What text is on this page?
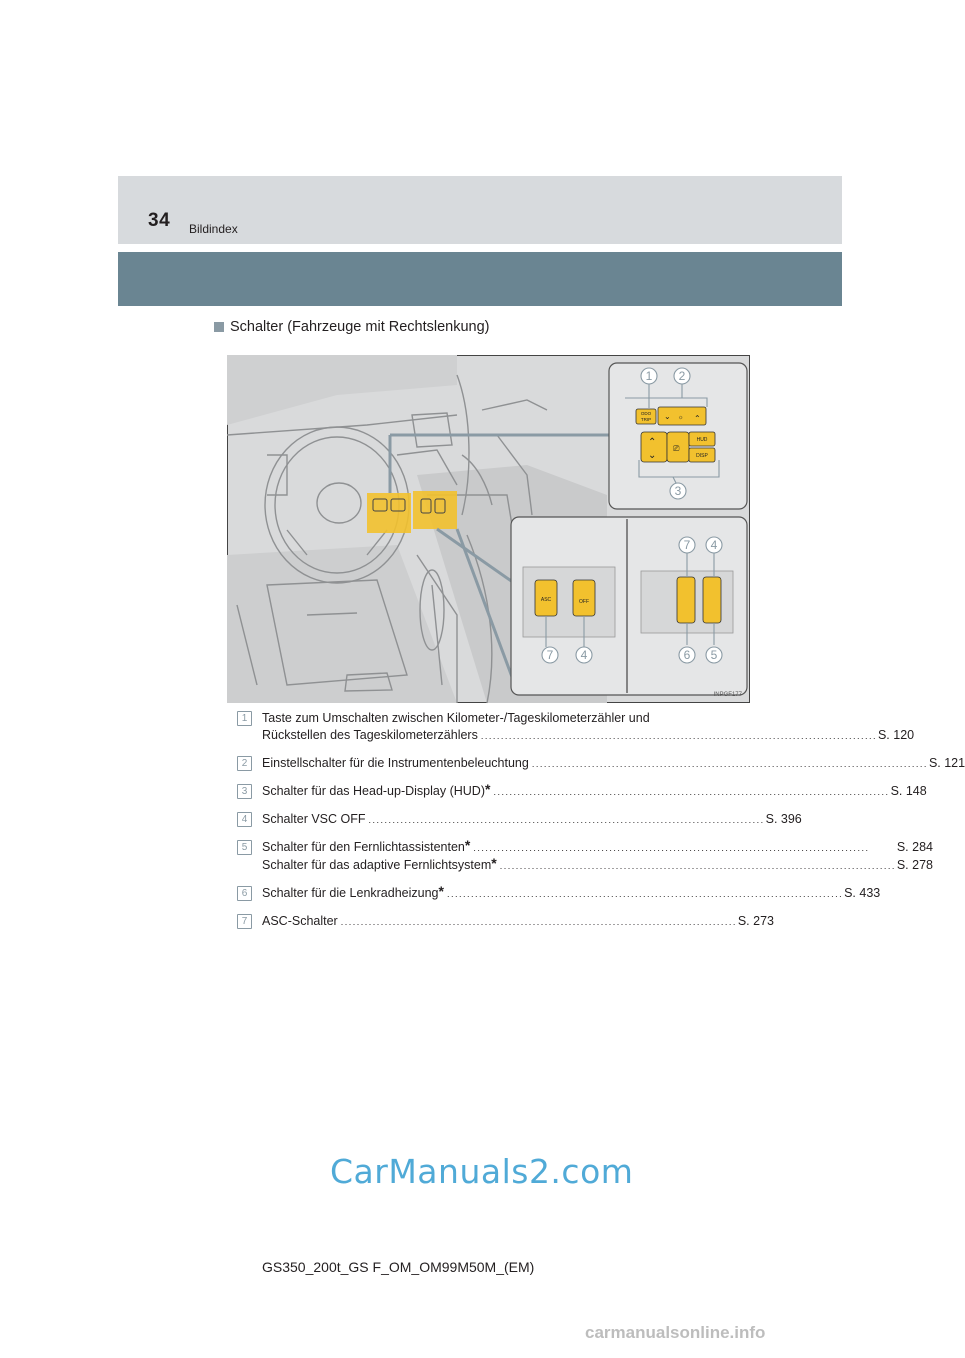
34 Bildindex
Schalter (Fahrzeuge mit Rechtslenkung)
ODO
TRIP ⌄ ☼ ⌃
⌃
⌄
⎚
HUD
DISP
1 2
3
ASC	OFF
7 4
7 4	6 5
INPGF177
1	Taste zum Umschalten zwischen Kilometer-/Tageskilometerzähler und
Rückstellen des Tageskilometerzählers . . .	S. 120
2	Einstellschalter für die Instrumentenbeleuchtung . . .	S. 121
3	Schalter für das Head-up-Display (HUD)* . . .	S. 148
4	Schalter VSC OFF . . .	S. 396
5	Schalter für den Fernlichtassistenten* . . .	S. 284
Schalter für das adaptive Fernlichtsystem* . . .	S. 278
6	Schalter für die Lenkradheizung* . . .	S. 433
7	ASC-Schalter . . .	S. 273
CarManuals2.com
GS350_200t_GS F_OM_OM99M50M_(EM)
carmanualsonline.info
